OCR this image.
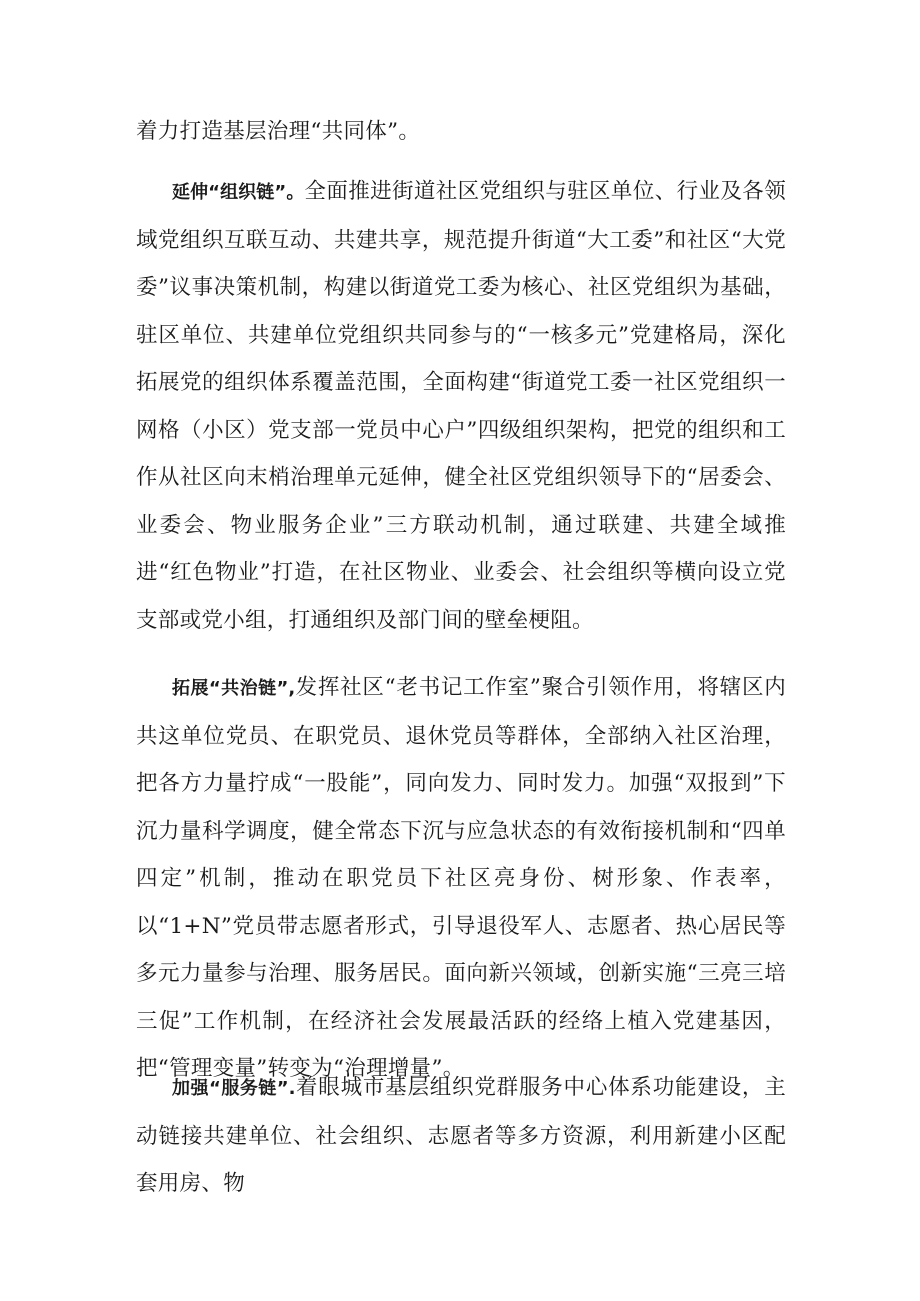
着力打造基层治理“共同体”。

延伸“组织链”。全面推进街道社区党组织与驻区单位、行业及各领域党组织互联互动、共建共享，规范提升街道“大工委”和社区“大党委”议事决策机制，构建以街道党工委为核心、社区党组织为基础，驻区单位、共建单位党组织共同参与的“一核多元”党建格局，深化拓展党的组织体系覆盖范围，全面构建“街道党工委一社区党组织一网格（小区）党支部一党员中心户”四级组织架构，把党的组织和工作从社区向末梢治理单元延伸，健全社区党组织领导下的“居委会、业委会、物业服务企业”三方联动机制，通过联建、共建全域推进“红色物业”打造，在社区物业、业委会、社会组织等横向设立党支部或党小组，打通组织及部门间的壁垒梗阻。

拓展“共治链”,发挥社区“老书记工作室”聚合引领作用，将辖区内共这单位党员、在职党员、退休党员等群体，全部纳入社区治理，把各方力量拧成“一股能”，同向发力、同时发力。加强“双报到”下沉力量科学调度，健全常态下沉与应急状态的有效衔接机制和“四单四定”机制，推动在职党员下社区亮身份、树形象、作表率，以“1+N”党员带志愿者形式，引导退役军人、志愿者、热心居民等多元力量参与治理、服务居民。面向新兴领域，创新实施“三亮三培三促”工作机制，在经济社会发展最活跃的经络上植入党建基因，把“管理变量”转变为“治理增量”。

加强“服务链”.着眼城市基层组织党群服务中心体系功能建设，主动链接共建单位、社会组织、志愿者等多方资源，利用新建小区配套用房、物
